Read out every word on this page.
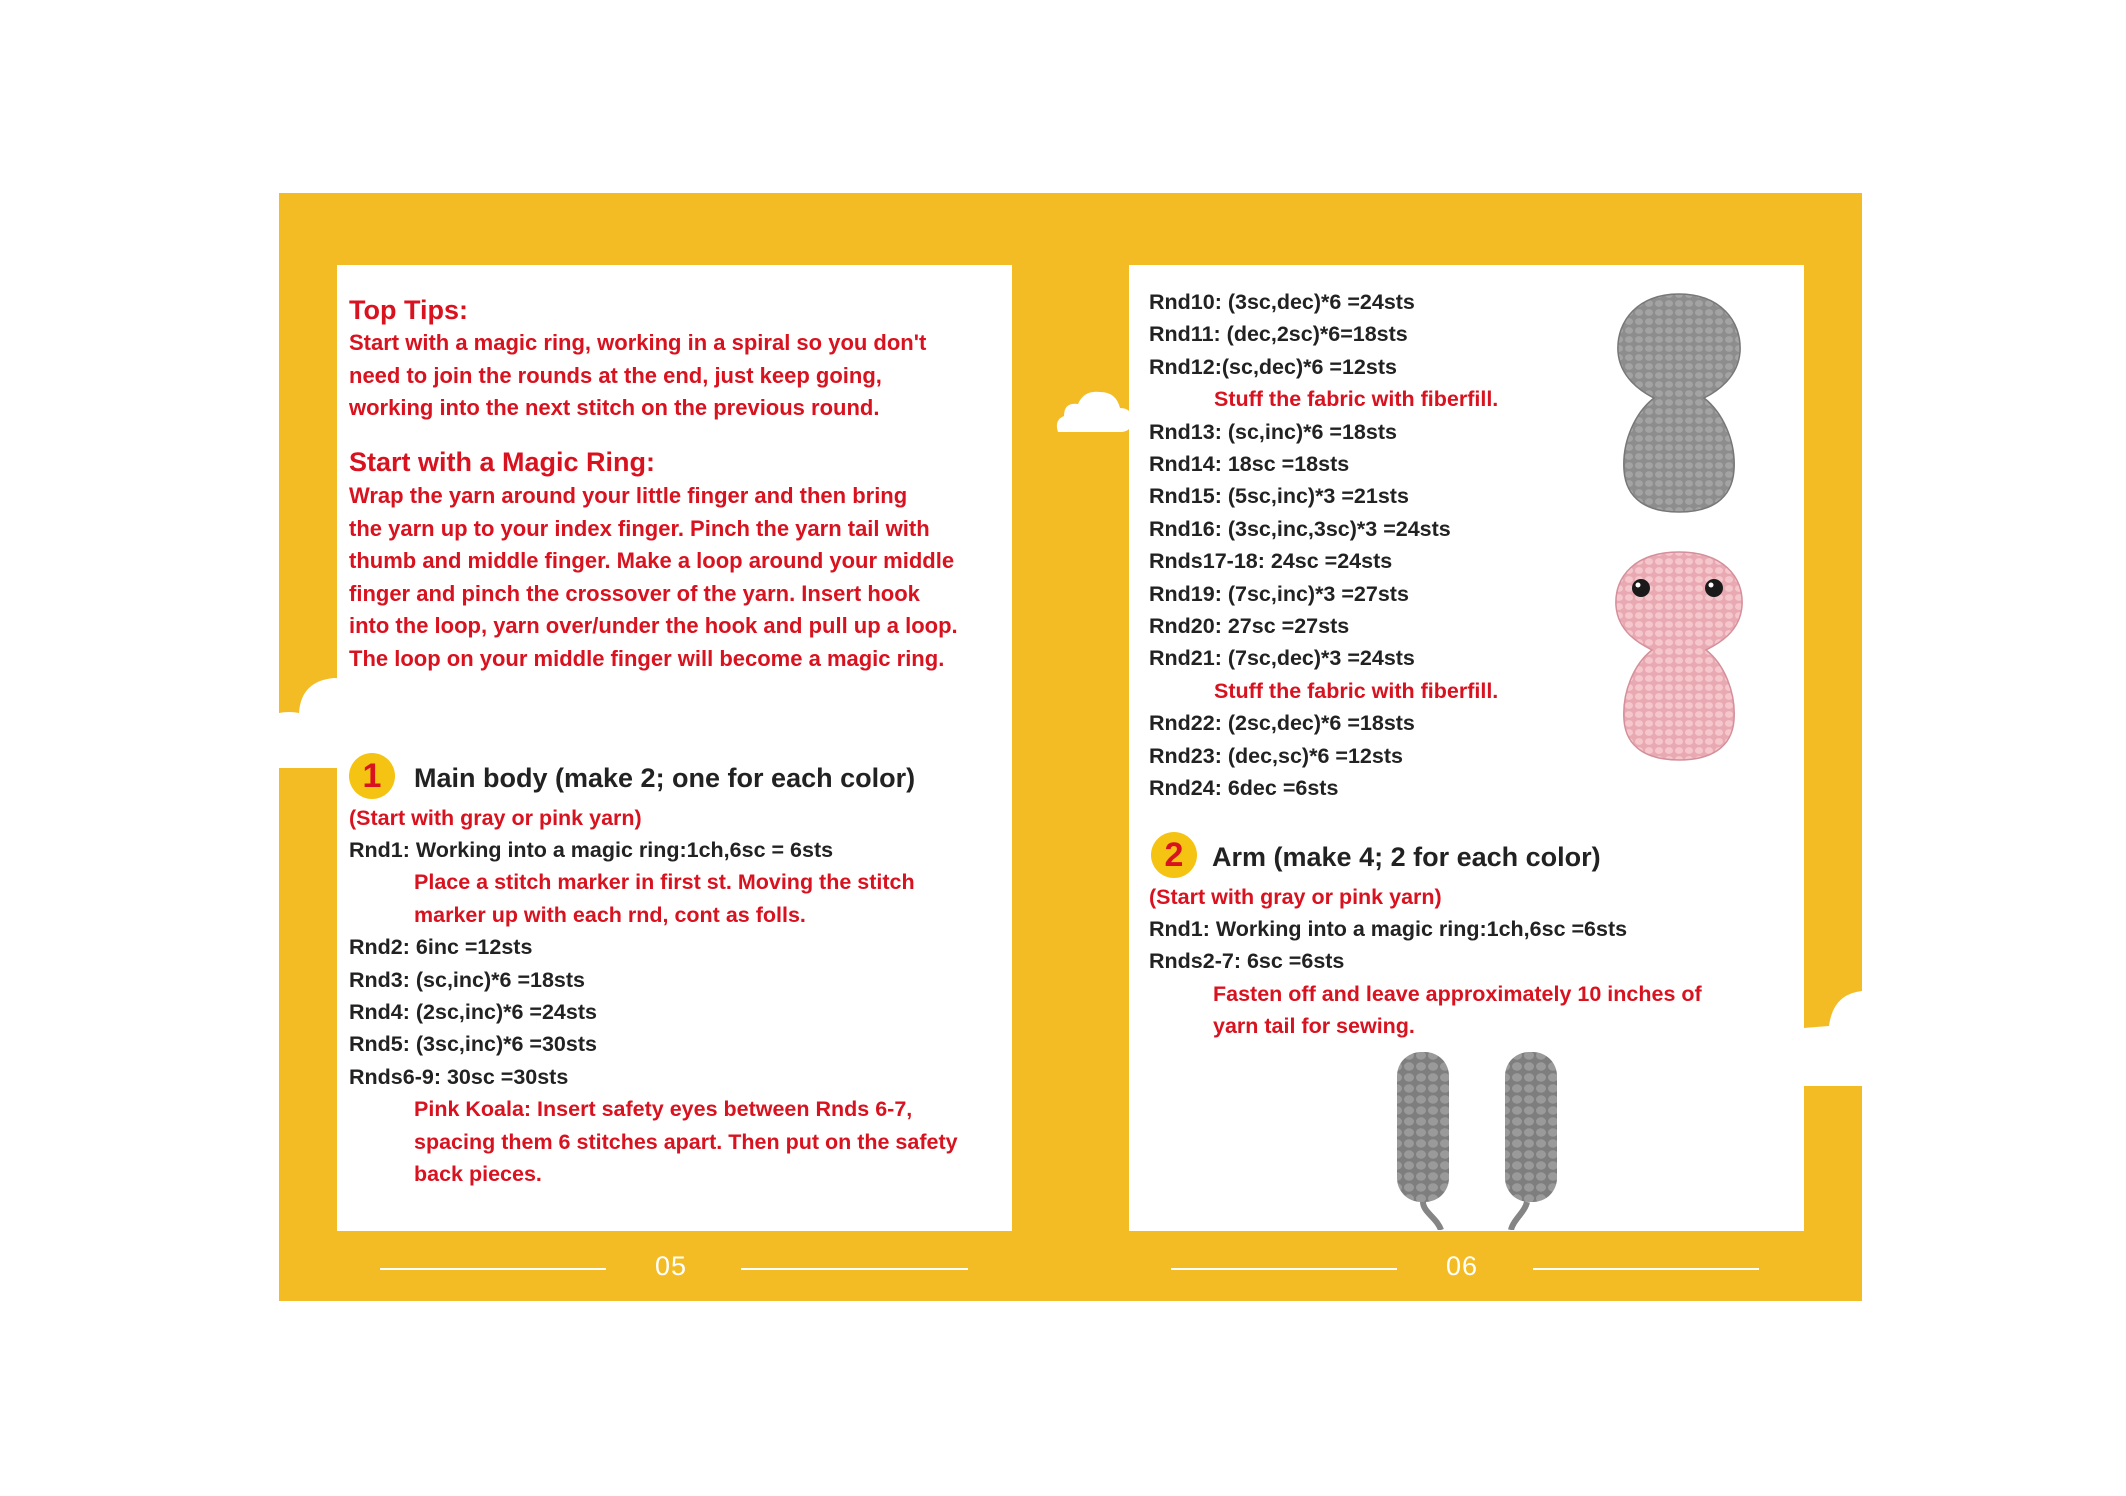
Top Tips:
Start with a magic ring, working in a spiral so you don't
need to join the rounds at the end, just keep going,
working into the next stitch on the previous round.
Start with a Magic Ring:
Wrap the yarn around your little finger and then bring
the yarn up to your index finger. Pinch the yarn tail with
thumb and middle finger. Make a loop around your middle
finger and pinch the crossover of the yarn. Insert hook
into the loop, yarn over/under the hook and pull up a loop.
The loop on your middle finger will become a magic ring.
1	Main body (make 2; one for each color)
(Start with gray or pink yarn)
Rnd1: Working into a magic ring:1ch,6sc = 6sts
Place a stitch marker in first st. Moving the stitch
marker up with each rnd, cont as folls.
Rnd2: 6inc =12sts
Rnd3: (sc,inc)*6 =18sts
Rnd4: (2sc,inc)*6 =24sts
Rnd5: (3sc,inc)*6 =30sts
Rnds6-9: 30sc =30sts
Pink Koala: Insert safety eyes between Rnds 6-7,
spacing them 6 stitches apart. Then put on the safety
back pieces.
Rnd10: (3sc,dec)*6 =24sts
Rnd11: (dec,2sc)*6=18sts
Rnd12:(sc,dec)*6 =12sts
Stuff the fabric with fiberfill.
Rnd13: (sc,inc)*6 =18sts
Rnd14: 18sc =18sts
Rnd15: (5sc,inc)*3 =21sts
Rnd16: (3sc,inc,3sc)*3 =24sts
Rnds17-18: 24sc =24sts
Rnd19: (7sc,inc)*3 =27sts
Rnd20: 27sc =27sts
Rnd21: (7sc,dec)*3 =24sts
Stuff the fabric with fiberfill.
Rnd22: (2sc,dec)*6 =18sts
Rnd23: (dec,sc)*6 =12sts
Rnd24: 6dec =6sts
2	Arm (make 4; 2 for each color)
(Start with gray or pink yarn)
Rnd1: Working into a magic ring:1ch,6sc =6sts
Rnds2-7: 6sc =6sts
Fasten off and leave approximately 10 inches of
yarn tail for sewing.
05	06
